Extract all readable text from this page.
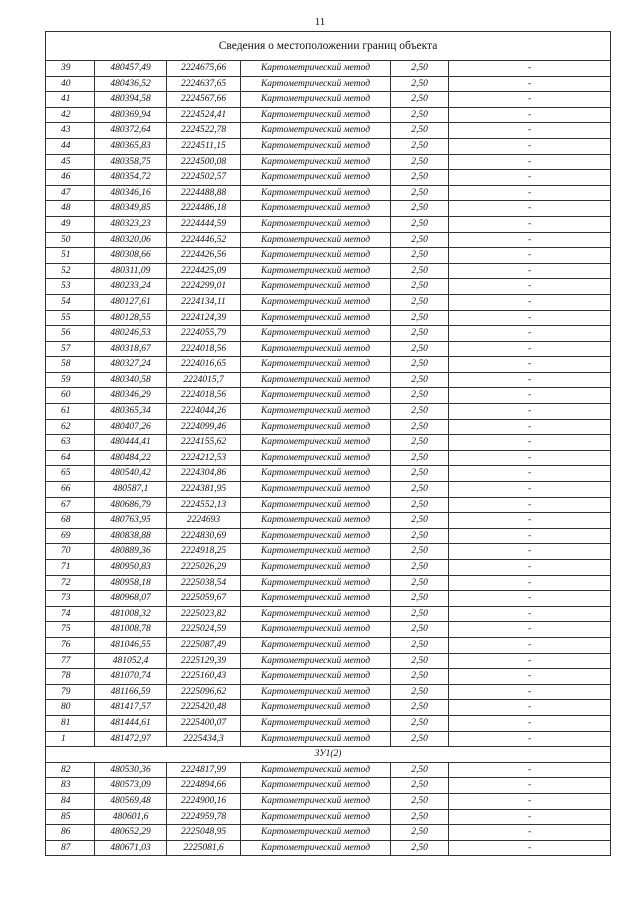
11
Сведения о местоположении границ объекта					
39	480457,49	2224675,66	Картометрический метод	2,50	-
40	480436,52	2224637,65	Картометрический метод	2,50	-
41	480394,58	2224567,66	Картометрический метод	2,50	-
42	480369,94	2224524,41	Картометрический метод	2,50	-
43	480372,64	2224522,78	Картометрический метод	2,50	-
44	480365,83	2224511,15	Картометрический метод	2,50	-
45	480358,75	2224500,08	Картометрический метод	2,50	-
46	480354,72	2224502,57	Картометрический метод	2,50	-
47	480346,16	2224488,88	Картометрический метод	2,50	-
48	480349,85	2224486,18	Картометрический метод	2,50	-
49	480323,23	2224444,59	Картометрический метод	2,50	-
50	480320,06	2224446,52	Картометрический метод	2,50	-
51	480308,66	2224426,56	Картометрический метод	2,50	-
52	480311,09	2224425,09	Картометрический метод	2,50	-
53	480233,24	2224299,01	Картометрический метод	2,50	-
54	480127,61	2224134,11	Картометрический метод	2,50	-
55	480128,55	2224124,39	Картометрический метод	2,50	-
56	480246,53	2224055,79	Картометрический метод	2,50	-
57	480318,67	2224018,56	Картометрический метод	2,50	-
58	480327,24	2224016,65	Картометрический метод	2,50	-
59	480340,58	2224015,7	Картометрический метод	2,50	-
60	480346,29	2224018,56	Картометрический метод	2,50	-
61	480365,34	2224044,26	Картометрический метод	2,50	-
62	480407,26	2224099,46	Картометрический метод	2,50	-
63	480444,41	2224155,62	Картометрический метод	2,50	-
64	480484,22	2224212,53	Картометрический метод	2,50	-
65	480540,42	2224304,86	Картометрический метод	2,50	-
66	480587,1	2224381,95	Картометрический метод	2,50	-
67	480686,79	2224552,13	Картометрический метод	2,50	-
68	480763,95	2224693	Картометрический метод	2,50	-
69	480838,88	2224830,69	Картометрический метод	2,50	-
70	480889,36	2224918,25	Картометрический метод	2,50	-
71	480950,83	2225026,29	Картометрический метод	2,50	-
72	480958,18	2225038,54	Картометрический метод	2,50	-
73	480968,07	2225059,67	Картометрический метод	2,50	-
74	481008,32	2225023,82	Картометрический метод	2,50	-
75	481008,78	2225024,59	Картометрический метод	2,50	-
76	481046,55	2225087,49	Картометрический метод	2,50	-
77	481052,4	2225129,39	Картометрический метод	2,50	-
78	481070,74	2225160,43	Картометрический метод	2,50	-
79	481166,59	2225096,62	Картометрический метод	2,50	-
80	481417,57	2225420,48	Картометрический метод	2,50	-
81	481444,61	2225400,07	Картометрический метод	2,50	-
1	481472,97	2225434,3	Картометрический метод	2,50	-
ЗУ1(2)					
82	480530,36	2224817,99	Картометрический метод	2,50	-
83	480573,09	2224894,66	Картометрический метод	2,50	-
84	480569,48	2224900,16	Картометрический метод	2,50	-
85	480601,6	2224959,78	Картометрический метод	2,50	-
86	480652,29	2225048,95	Картометрический метод	2,50	-
87	480671,03	2225081,6	Картометрический метод	2,50	-
